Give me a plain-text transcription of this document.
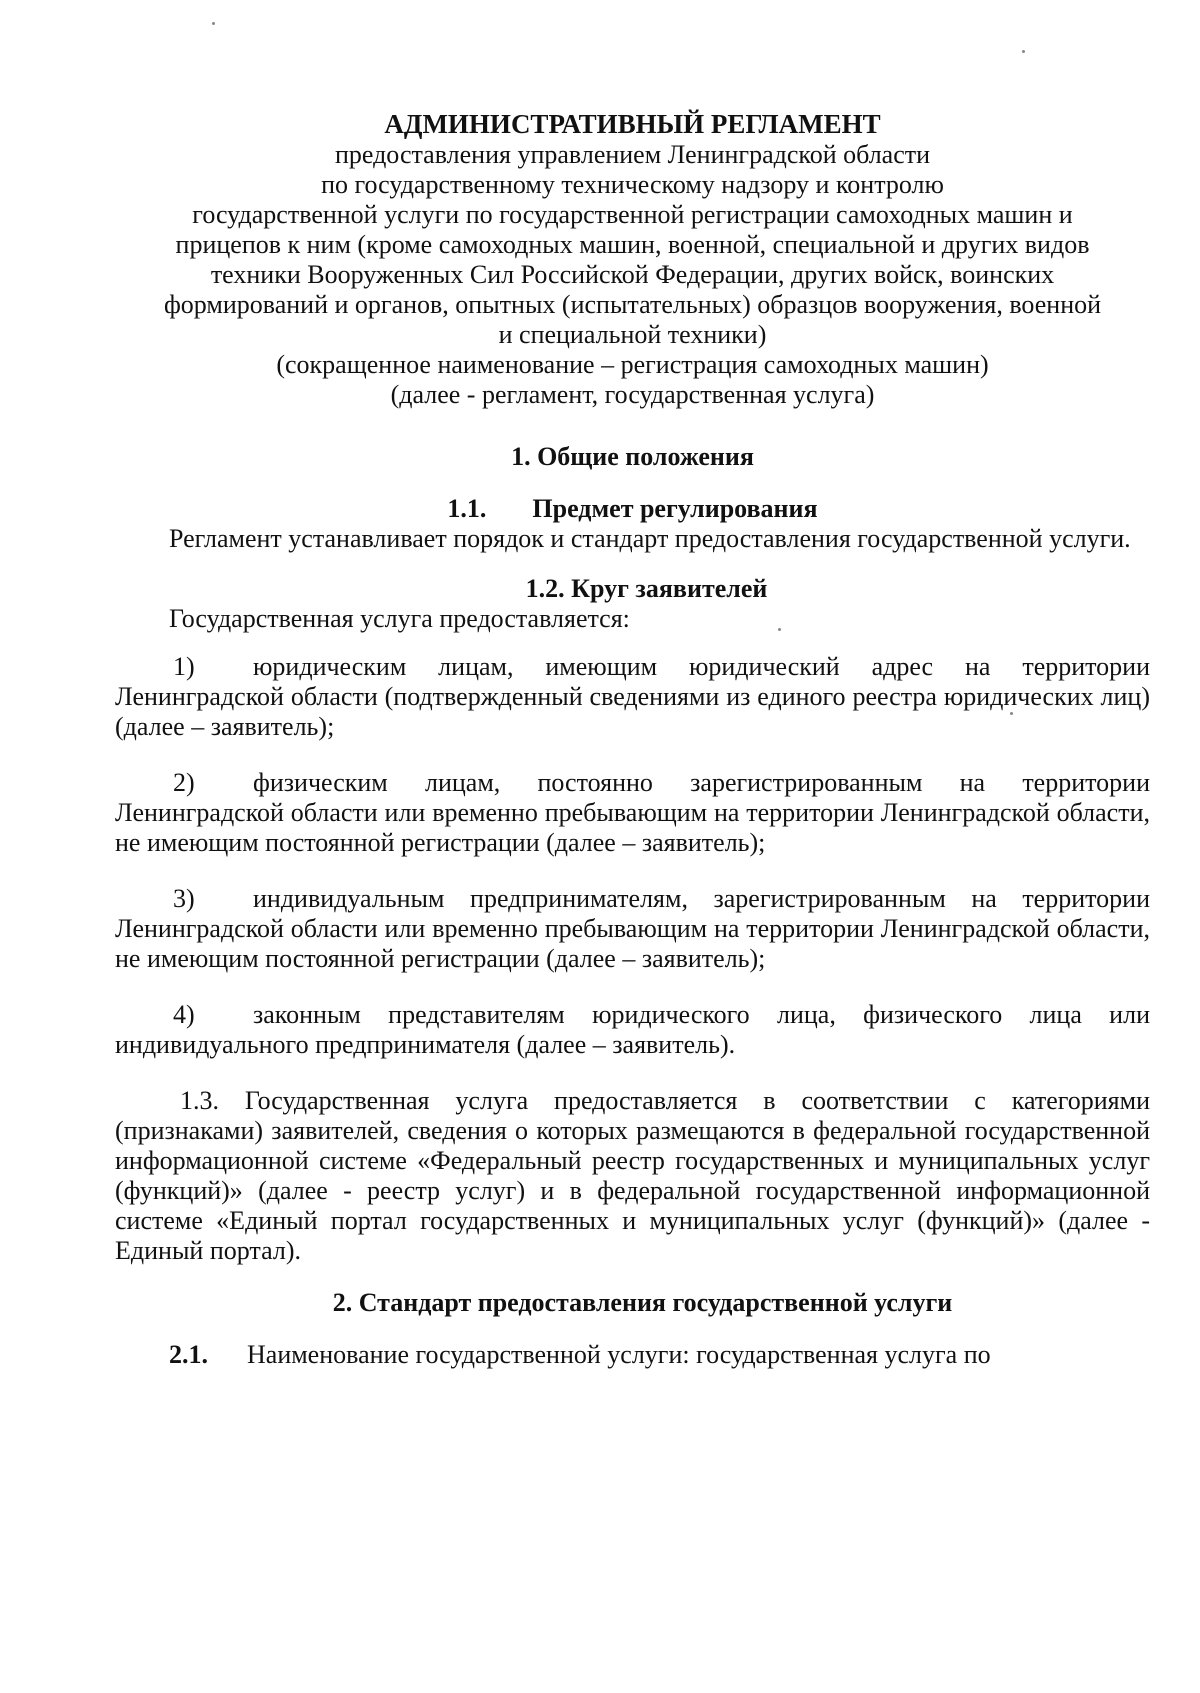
АДМИНИСТРАТИВНЫЙ РЕГЛАМЕНТ

предоставления управлением Ленинградской области

по государственному техническому надзору и контролю

государственной услуги по государственной регистрации самоходных машин и

прицепов к ним (кроме самоходных машин, военной, специальной и других видов

техники Вооруженных Сил Российской Федерации, других войск, воинских

формирований и органов, опытных (испытательных) образцов вооружения, военной

и специальной техники)

(сокращенное наименование – регистрация самоходных машин)

(далее - регламент, государственная услуга)

1. Общие положения

1.1. Предмет регулирования

Регламент устанавливает порядок и стандарт предоставления государственной услуги.

1.2. Круг заявителей

Государственная услуга предоставляется:

1) юридическим лицам, имеющим юридический адрес на территории Ленинградской области (подтвержденный сведениями из единого реестра юридических лиц) (далее – заявитель);

2) физическим лицам, постоянно зарегистрированным на территории Ленинградской области или временно пребывающим на территории Ленинградской области, не имеющим постоянной регистрации (далее – заявитель);

3) индивидуальным предпринимателям, зарегистрированным на территории Ленинградской области или временно пребывающим на территории Ленинградской области, не имеющим постоянной регистрации (далее – заявитель);

4) законным представителям юридического лица, физического лица или индивидуального предпринимателя (далее – заявитель).

1.3. Государственная услуга предоставляется в соответствии с категориями (признаками) заявителей, сведения о которых размещаются в федеральной государственной информационной системе «Федеральный реестр государственных и муниципальных услуг (функций)» (далее - реестр услуг) и в федеральной государственной информационной системе «Единый портал государственных и муниципальных услуг (функций)» (далее - Единый портал).

2. Стандарт предоставления государственной услуги

2.1. Наименование государственной услуги: государственная услуга по
